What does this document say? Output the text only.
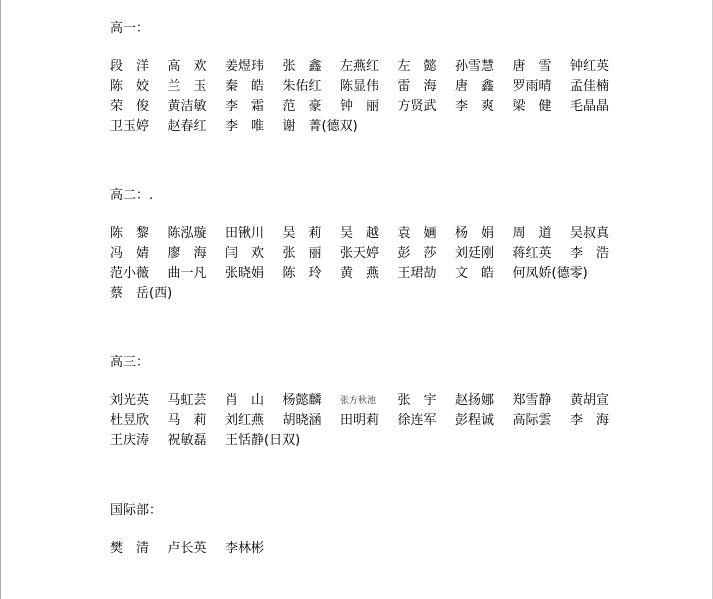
高一：
段　洋	高　欢	姜煜玮	张　鑫	左燕红	左　懿	孙雪慧	唐　雪	钟红英
陈　姣	兰　玉	秦　皓	朱佑红	陈显伟	雷　海	唐　鑫	罗雨晴	孟佳楠
荣　俊	黄洁敏	李　霜	范　豪	钟　丽	方贤武	李　爽	梁　健	毛晶晶
卫玉婷	赵春红	李　唯	谢　菁(德双)
高二：.
陈　黎	陈泓璇	田锹川	吴　莉	吴　越	袁　婳	杨　娟	周　道	吴叔真
冯　婧	廖　海	闫　欢	张　丽	张天婷	彭　莎	刘廷刚	蒋红英	李　浩
范小薇	曲一凡	张晓娟	陈　玲	黄　燕	王珺劼	文　皓	何凤娇(德零)
蔡　岳(西)
高三：
刘光英	马虹芸	肖　山	杨懿麟	张方秋池	张　宇	赵扬娜	郑雪静	黄胡宣
杜昱欣	马　莉	刘红燕	胡晓涵	田明莉	徐连军	彭程诚	高际雲	李　海
王庆涛	祝敏磊	王恬静(日双)
国际部：
樊　清	卢长英	李林彬
